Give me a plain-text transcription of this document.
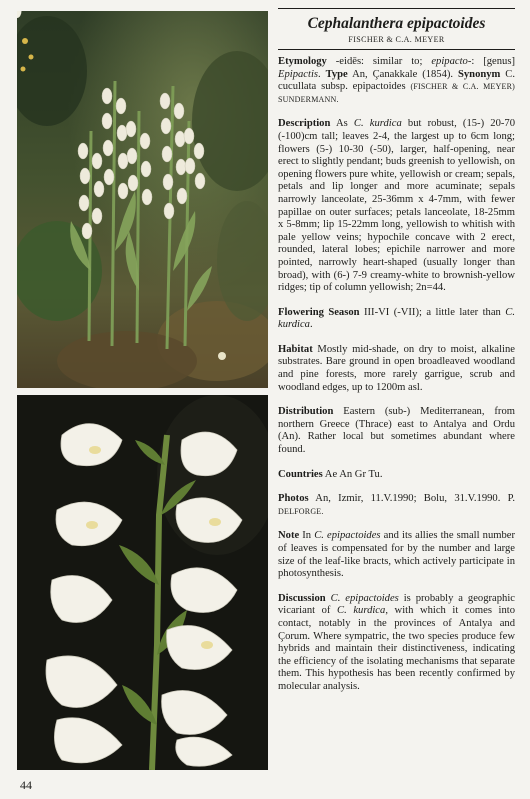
44
Cephalanthera epipactoides
FISCHER & C.A. MEYER

Etymology -eidēs: similar to; epipacto-: [genus] Epipactis. Type An, Çanakkale (1854). Synonym C. cucullata subsp. epipactoides (FISCHER & C.A. MEYER) SUNDERMANN.

Description As C. kurdica but robust, (15-) 20-70 (-100)cm tall; leaves 2-4, the largest up to 6cm long; flowers (5-) 10-30 (-50), larger, half-opening, near erect to slightly pendant; buds greenish to yellowish, on opening flowers pure white, yellowish or cream; sepals, petals and lip longer and more acuminate; sepals narrowly lanceolate, 25-36mm x 4-7mm, with fewer papillae on outer surfaces; petals lanceolate, 18-25mm x 5-8mm; lip 15-22mm long, yellowish to whitish with pale yellow veins; hypochile concave with 2 erect, rounded, lateral lobes; epichile narrower and more pointed, narrowly heart-shaped (usually longer than broad), with (6-) 7-9 creamy-white to brownish-yellow ridges; tip of column yellowish; 2n=44.

Flowering Season III-VI (-VII); a little later than C. kurdica.

Habitat Mostly mid-shade, on dry to moist, alkaline substrates. Bare ground in open broadleaved woodland and pine forests, more rarely garrigue, scrub and woodland edges, up to 1200m asl.

Distribution Eastern (sub-) Mediterranean, from northern Greece (Thrace) east to Antalya and Ordu (An). Rather local but sometimes abundant where found.

Countries Ae An Gr Tu.

Photos An, Izmir, 11.V.1990; Bolu, 31.V.1990. P. DELFORGE.

Note In C. epipactoides and its allies the small number of leaves is compensated for by the number and large size of the leaf-like bracts, which actively participate in photosynthesis.

Discussion C. epipactoides is probably a geographic vicariant of C. kurdica, with which it comes into contact, notably in the provinces of Antalya and Çorum. Where sympatric, the two species produce few hybrids and maintain their distinctiveness, indicating the efficiency of the isolating mechanisms that separate them. This hypothesis has been recently confirmed by molecular analysis.
